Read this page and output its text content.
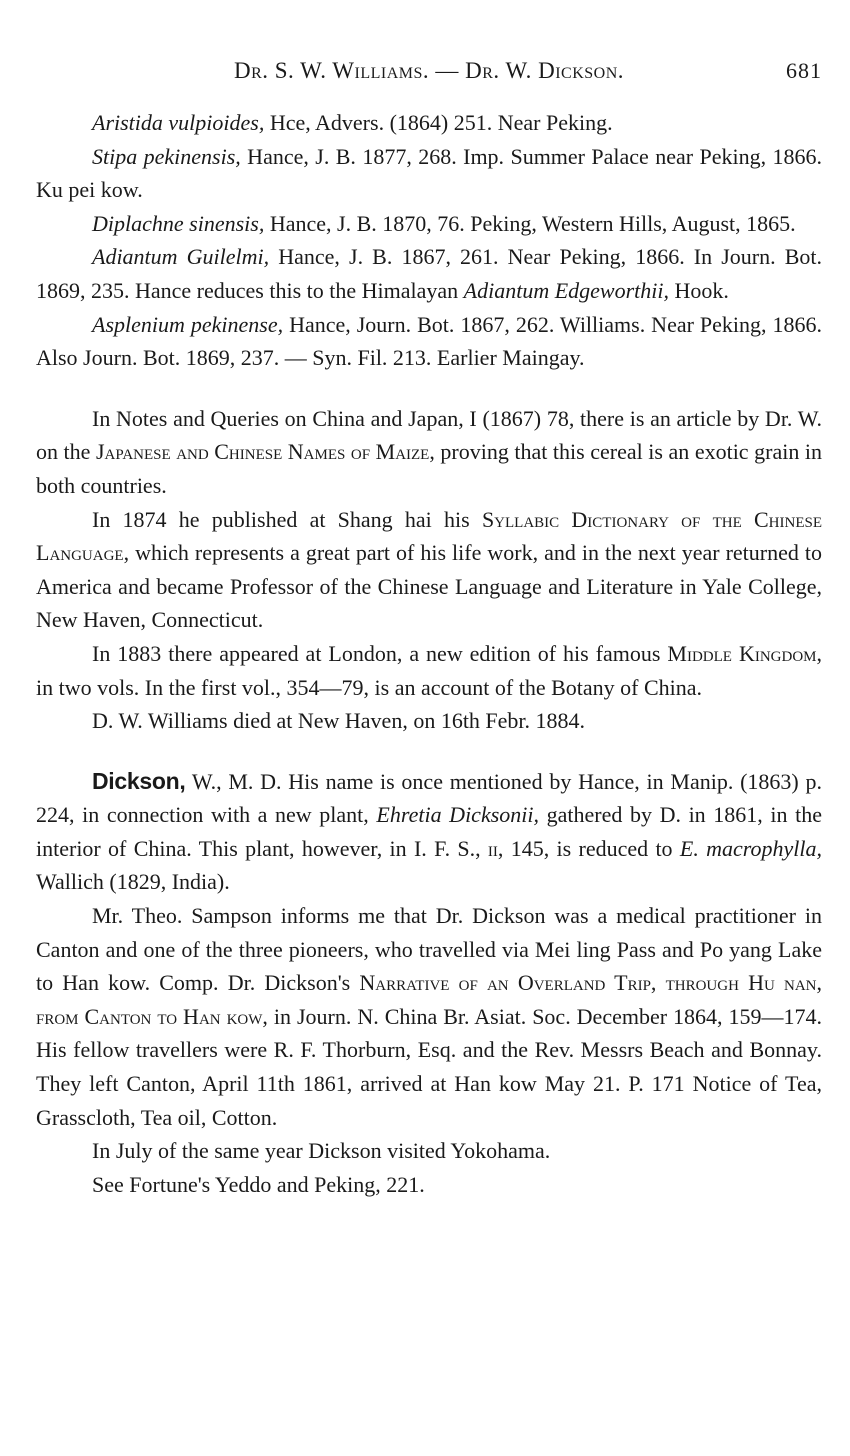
Dr. S. W. Williams. — Dr. W. Dickson.	681

Aristida vulpioides, Hce, Advers. (1864) 251. Near Peking.

Stipa pekinensis, Hance, J. B. 1877, 268. Imp. Summer Palace near Peking, 1866. Ku pei kow.

Diplachne sinensis, Hance, J. B. 1870, 76. Peking, Western Hills, August, 1865.

Adiantum Guilelmi, Hance, J. B. 1867, 261. Near Peking, 1866. In Journ. Bot. 1869, 235. Hance reduces this to the Himalayan Adiantum Edgeworthii, Hook.

Asplenium pekinense, Hance, Journ. Bot. 1867, 262. Williams. Near Peking, 1866. Also Journ. Bot. 1869, 237. — Syn. Fil. 213. Earlier Maingay.

In Notes and Queries on China and Japan, I (1867) 78, there is an article by Dr. W. on the Japanese and Chinese Names of Maize, proving that this cereal is an exotic grain in both countries.

In 1874 he published at Shang hai his Syllabic Dictionary of the Chinese Language, which represents a great part of his life work, and in the next year returned to America and became Professor of the Chinese Language and Literature in Yale College, New Haven, Connecticut.

In 1883 there appeared at London, a new edition of his famous Middle Kingdom, in two vols. In the first vol., 354—79, is an account of the Botany of China.

D. W. Williams died at New Haven, on 16th Febr. 1884.

Dickson, W., M. D. His name is once mentioned by Hance, in Manip. (1863) p. 224, in connection with a new plant, Ehretia Dicksonii, gathered by D. in 1861, in the interior of China. This plant, however, in I. F. S., ii, 145, is reduced to E. macrophylla, Wallich (1829, India).

Mr. Theo. Sampson informs me that Dr. Dickson was a medical practitioner in Canton and one of the three pioneers, who travelled via Mei ling Pass and Po yang Lake to Han kow. Comp. Dr. Dickson's Narrative of an Overland Trip, through Hu nan, from Canton to Han kow, in Journ. N. China Br. Asiat. Soc. December 1864, 159—174. His fellow travellers were R. F. Thorburn, Esq. and the Rev. Messrs Beach and Bonnay. They left Canton, April 11th 1861, arrived at Han kow May 21. P. 171 Notice of Tea, Grasscloth, Tea oil, Cotton.

In July of the same year Dickson visited Yokohama.

See Fortune's Yeddo and Peking, 221.
